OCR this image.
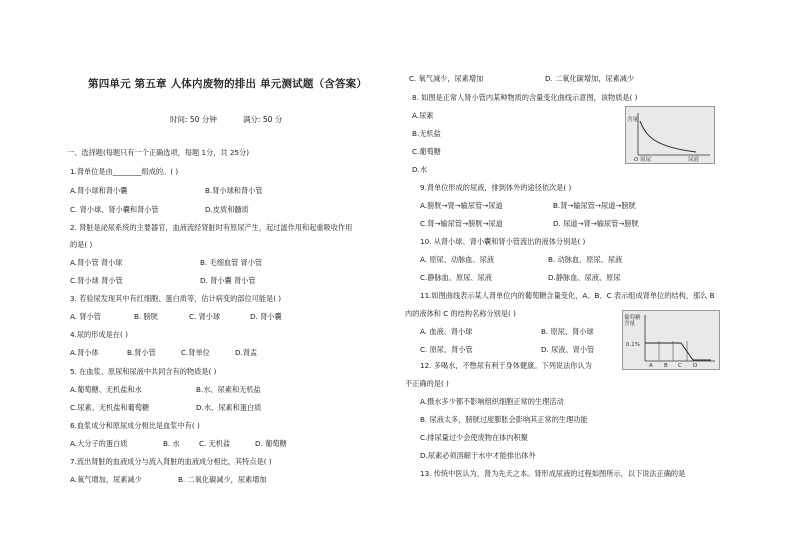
第四单元 第五章 人体内废物的排出 单元测试题（含答案）
时间: 50 分钟	满分: 50 分
一、选择题(每题只有一个正确选项，每题 1分，共 25分)
1.肾单位是由________组成的。( )
A.肾小球和肾小囊	B.肾小球和肾小管
C. 肾小球、肾小囊和肾小管	D.皮质和髓质
2. 肾脏是泌尿系统的主要器官，血液流经肾脏时有原尿产生，起过滤作用和起重吸收作用
的是( )
A.肾小管 肾小球	B. 毛细血管 肾小管
C.肾小球 肾小管	D. 肾小囊 肾小管
3. 若验尿发现其中有红细胞、蛋白质等，估计病变的部位可能是( )
A. 肾小管	B. 膀胱	C. 肾小球	D. 肾小囊
4.尿的形成是在( )
A.肾小体	B.肾小管	C.肾单位	D.肾盂
5. 在血浆、原尿和尿液中共同含有的物质是( )
A.葡萄糖、无机盐和水	B.水、尿素和无机盐
C.尿素、无机盐和葡萄糖	D.水、尿素和蛋白质
6.血浆成分和原尿成分相比是血浆中有( )
A.大分子的蛋白质	B. 水	C. 无机盐	D. 葡萄糖
7.流出肾脏的血液成分与流入肾脏的血液成分相比，其特点是( )
A.氧气增加，尿素减少	B. 二氧化碳减少，尿素增加
C. 氧气减少，尿素增加	D. 二氧化碳增加，尿素减少
8. 如图是正常人肾小管内某种物质的含量变化曲线示意图，该物质是( )
A.尿素
B.无机盐
C.葡萄糖
D.水
含量
O 原尿	尿液
9.肾单位形成的尿液，排到体外的途径依次是( )
A.膀胱→肾→输尿管→尿道	B.肾→输尿管→尿道→膀胱
C.肾→输尿管→膀胱→尿道	D. 尿道→肾→输尿管→膀胱
10. 从肾小球、肾小囊和肾小管流出的液体分别是( )
A. 原尿、动脉血、尿液	B. 动脉血、原尿、尿液
C.静脉血、原尿、尿液	D.静脉血、尿液、原尿
11.如图曲线表示某人肾单位内的葡萄糖含量变化，A、B、C 表示组成肾单位的结构，那么 B
内的液体和 C 的结构名称分别是( )
A. 血液、肾小球	B. 原尿、肾小球
C. 原尿、肾小管	D. 尿液、肾小管
葡萄糖含量
0.1%
A B C D
12. 多喝水，不憋尿有利于身体健康。下列说法你认为
不正确的是( )
A.摄水多少都不影响组织细胞正常的生理活动
B. 尿液太多，膀胱过度膨胀会影响其正常的生理功能
C.排尿量过少会使废物在体内积聚
D.尿素必须溶解于水中才能排出体外
13. 传统中医认为，肾为先天之本。肾形成尿液的过程如图所示，以下说法正确的是
